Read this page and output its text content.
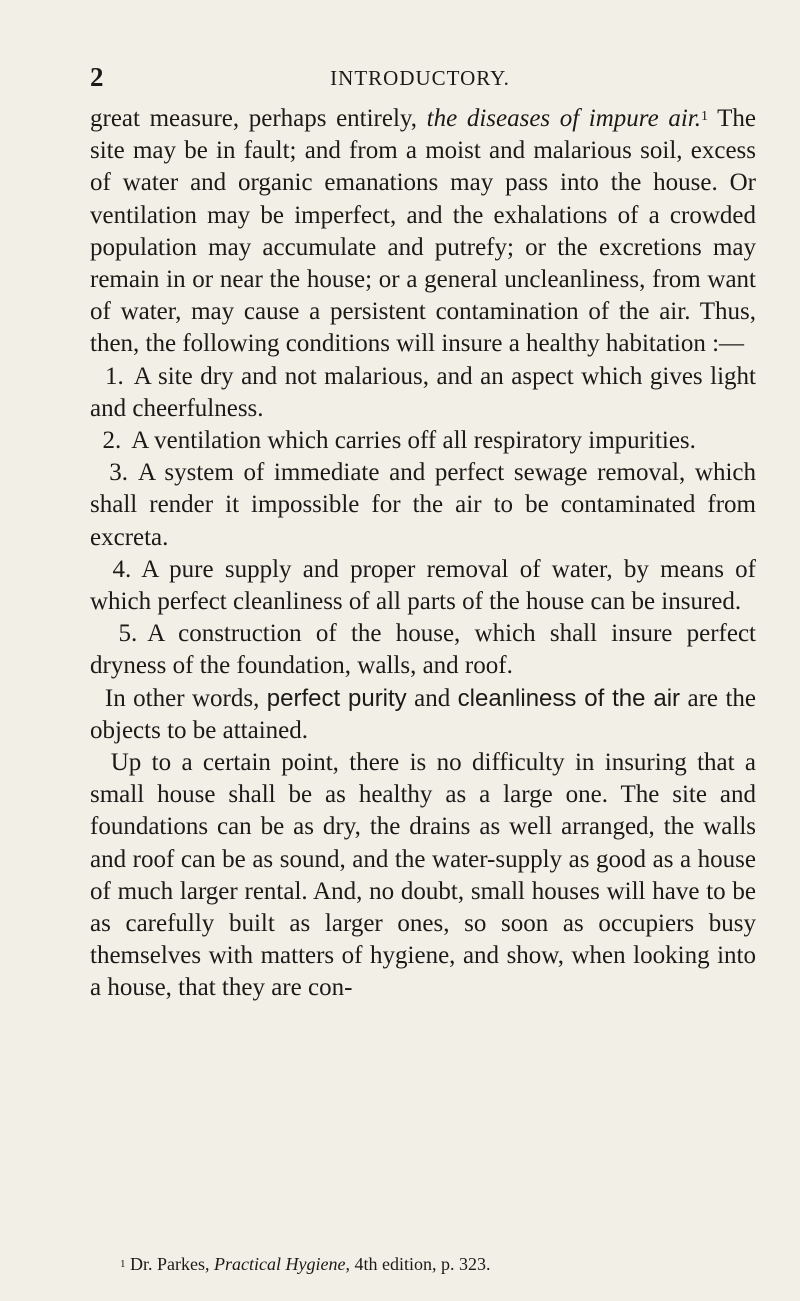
2	INTRODUCTORY.

great measure, perhaps entirely, the diseases of impure air.$^1$ The site may be in fault; and from a moist and malarious soil, excess of water and organic emanations may pass into the house. Or ventilation may be imperfect, and the exhalations of a crowded population may accumulate and putrefy; or the excretions may remain in or near the house; or a general uncleanliness, from want of water, may cause a persistent contamination of the air. Thus, then, the following conditions will insure a healthy habitation :—

1. A site dry and not malarious, and an aspect which gives light and cheerfulness.

2. A ventilation which carries off all respiratory impurities.

3. A system of immediate and perfect sewage removal, which shall render it impossible for the air to be contaminated from excreta.

4. A pure supply and proper removal of water, by means of which perfect cleanliness of all parts of the house can be insured.

5. A construction of the house, which shall insure perfect dryness of the foundation, walls, and roof.

In other words, perfect purity and cleanliness of the air are the objects to be attained.

Up to a certain point, there is no difficulty in insuring that a small house shall be as healthy as a large one. The site and foundations can be as dry, the drains as well arranged, the walls and roof can be as sound, and the water-supply as good as a house of much larger rental. And, no doubt, small houses will have to be as carefully built as larger ones, so soon as occupiers busy themselves with matters of hygiene, and show, when looking into a house, that they are con-

$^1$ Dr. Parkes, Practical Hygiene, 4th edition, p. 323.
